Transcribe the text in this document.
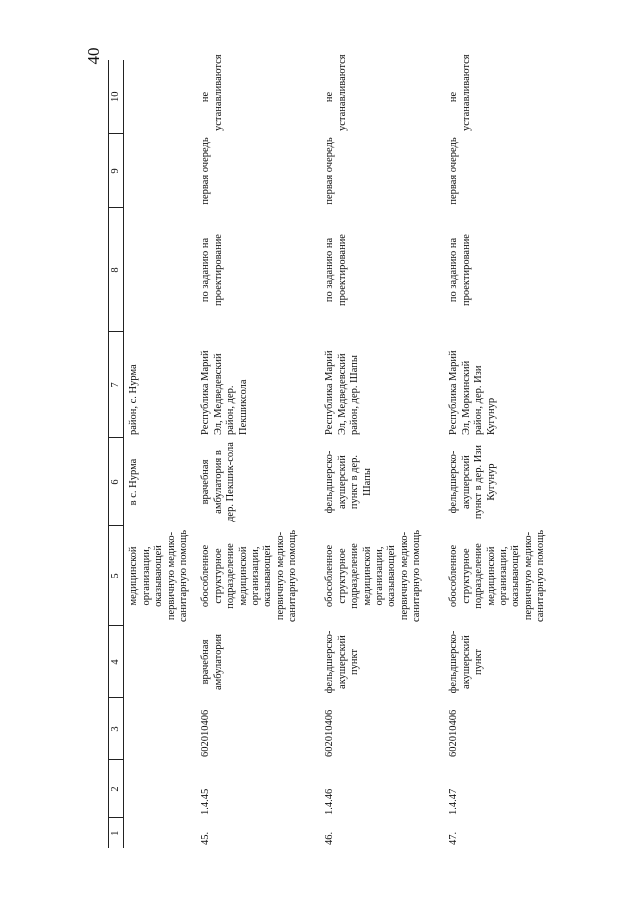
40
1	2	3	4	5	6	7	8	9	10
				медицинской организации, оказывающей первичную медико-санитарную помощь	в с. Нурма	район, с. Нурма			
45.	1.4.45	602010406	врачебная амбулатория	обособленное структурное подразделение медицинской организации, оказывающей первичную медико-санитарную помощь	врачебная амбулатория в дер. Пекшик-сола	Республика Марий Эл, Медведевский район, дер. Пекшиксола	по заданию на проектирование	первая очередь	не устанавливаются
46.	1.4.46	602010406	фельдшерско-акушерский пункт	обособленное структурное подразделение медицинской организации, оказывающей первичную медико-санитарную помощь	фельдшерско-акушерский пункт в дер. Шапы	Республика Марий Эл, Медведевский район, дер. Шапы	по заданию на проектирование	первая очередь	не устанавливаются
47.	1.4.47	602010406	фельдшерско-акушерский пункт	обособленное структурное подразделение медицинской организации, оказывающей первичную медико-санитарную помощь	фельдшерско-акушерский пункт в дер. Изи Кугунур	Республика Марий Эл, Моркинский район, дер. Изи Кугунур	по заданию на проектирование	первая очередь	не устанавливаются
